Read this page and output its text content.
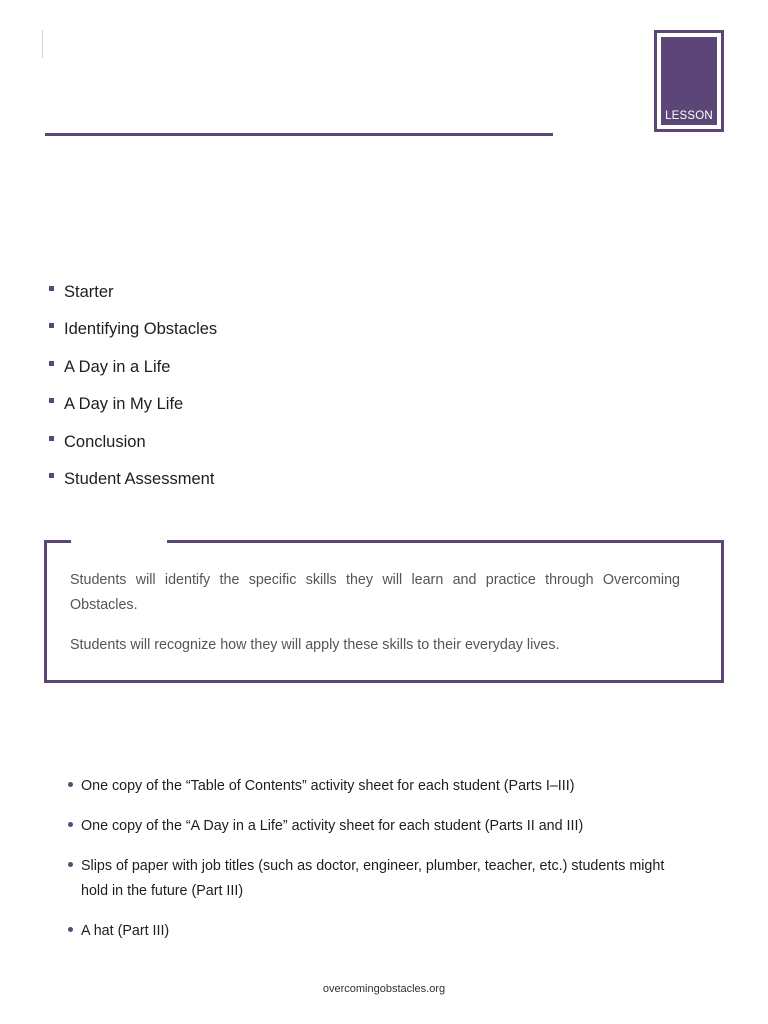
LESSON
Starter
Identifying Obstacles
A Day in a Life
A Day in My Life
Conclusion
Student Assessment

Students will identify the specific skills they will learn and practice through Overcoming Obstacles.

Students will recognize how they will apply these skills to their everyday lives.

One copy of the “Table of Contents” activity sheet for each student (Parts I–III)
One copy of the “A Day in a Life” activity sheet for each student (Parts II and III)
Slips of paper with job titles (such as doctor, engineer, plumber, teacher, etc.) students might hold in the future (Part III)
A hat (Part III)
overcomingobstacles.org
